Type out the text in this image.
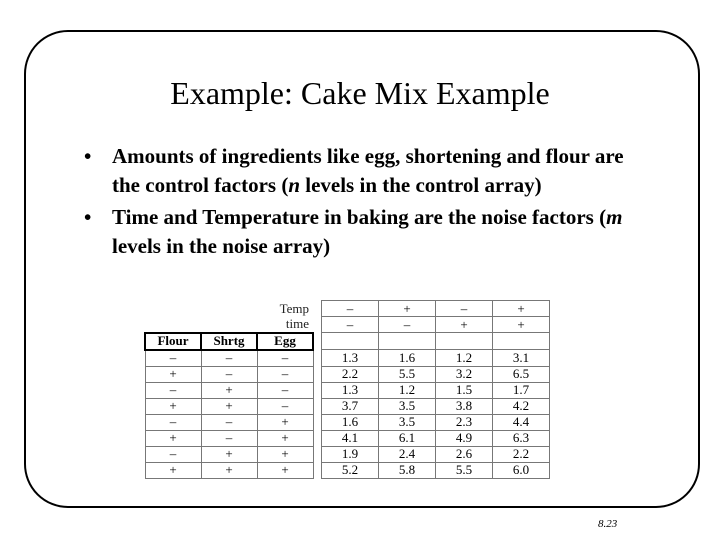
Example: Cake Mix Example
• Amounts of ingredients like egg, shortening and flour are the control factors (n levels in the control array)
• Time and Temperature in baking are the noise factors (m levels in the noise array)
		Temp		–	+	–	+
		time		–	–	+	+
Flour	Shrtg	Egg					
–	–	–		1.3	1.6	1.2	3.1
+	–	–		2.2	5.5	3.2	6.5
–	+	–		1.3	1.2	1.5	1.7
+	+	–		3.7	3.5	3.8	4.2
–	–	+		1.6	3.5	2.3	4.4
+	–	+		4.1	6.1	4.9	6.3
–	+	+		1.9	2.4	2.6	2.2
+	+	+		5.2	5.8	5.5	6.0
8.23
